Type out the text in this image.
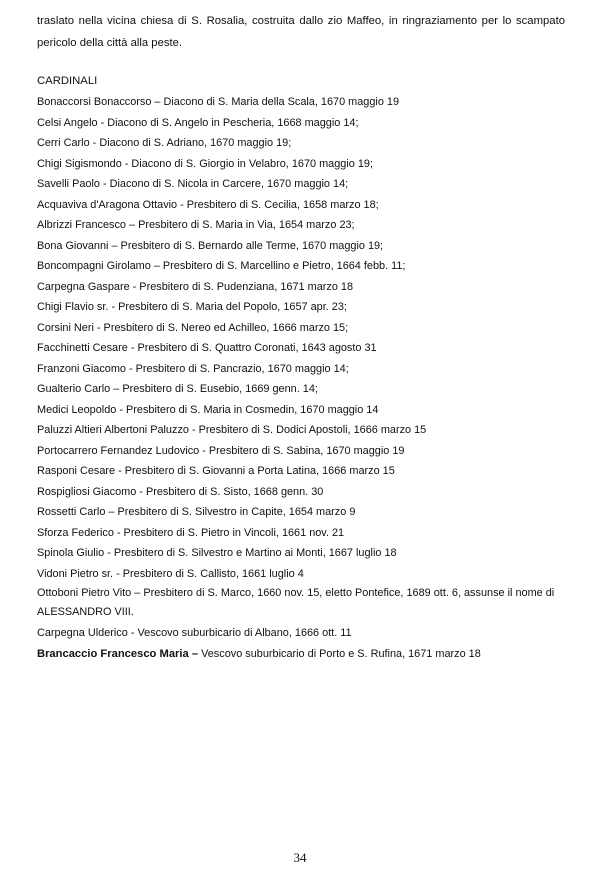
traslato nella vicina chiesa di S. Rosalia, costruita dallo zio Maffeo, in ringraziamento per lo scampato pericolo della città alla peste.

CARDINALI

Bonaccorsi Bonaccorso – Diacono di S. Maria della Scala, 1670 maggio 19
Celsi Angelo - Diacono di S. Angelo in Pescheria, 1668 maggio 14;
Cerri Carlo - Diacono di S. Adriano, 1670 maggio 19;
Chigi Sigismondo - Diacono di S. Giorgio in Velabro, 1670 maggio 19;
Savelli Paolo - Diacono di S. Nicola in Carcere, 1670 maggio 14;
Acquaviva d'Aragona Ottavio - Presbitero di S. Cecilia, 1658 marzo 18;
Albrizzi Francesco – Presbitero di S. Maria in Via, 1654 marzo 23;
Bona Giovanni – Presbitero di S. Bernardo alle Terme, 1670 maggio 19;
Boncompagni Girolamo – Presbitero di S. Marcellino e Pietro, 1664 febb. 11;
Carpegna Gaspare - Presbitero di S. Pudenziana, 1671 marzo 18
Chigi Flavio sr. - Presbitero di S. Maria del Popolo, 1657 apr. 23;
Corsini Neri - Presbitero di S. Nereo ed Achilleo, 1666 marzo 15;
Facchinetti Cesare - Presbitero di S. Quattro Coronati, 1643 agosto 31
Franzoni Giacomo - Presbitero di S. Pancrazio, 1670 maggio 14;
Gualterio Carlo – Presbitero di S. Eusebio, 1669 genn. 14;
Medici Leopoldo - Presbitero di S. Maria in Cosmedin, 1670 maggio 14
Paluzzi Altieri Albertoni Paluzzo - Presbitero di S. Dodici Apostoli, 1666 marzo 15
Portocarrero Fernandez Ludovico - Presbitero di S. Sabina, 1670 maggio 19
Rasponi Cesare - Presbitero di S. Giovanni a Porta Latina, 1666 marzo 15
Rospigliosi Giacomo - Presbitero di S. Sisto, 1668 genn. 30
Rossetti Carlo – Presbitero di S. Silvestro in Capite, 1654 marzo 9
Sforza Federico - Presbitero di S. Pietro in Vincoli, 1661 nov. 21
Spinola Giulio - Presbitero di S. Silvestro e Martino ai Monti, 1667 luglio 18
Vidoni Pietro sr. - Presbitero di S. Callisto, 1661 luglio 4
Ottoboni Pietro Vito – Presbitero di S. Marco, 1660 nov. 15, eletto Pontefice, 1689 ott. 6, assunse il nome di ALESSANDRO VIII.
Carpegna Ulderico - Vescovo suburbicario di Albano, 1666 ott. 11
Brancaccio Francesco Maria – Vescovo suburbicario di Porto e S. Rufina, 1671 marzo 18
34
